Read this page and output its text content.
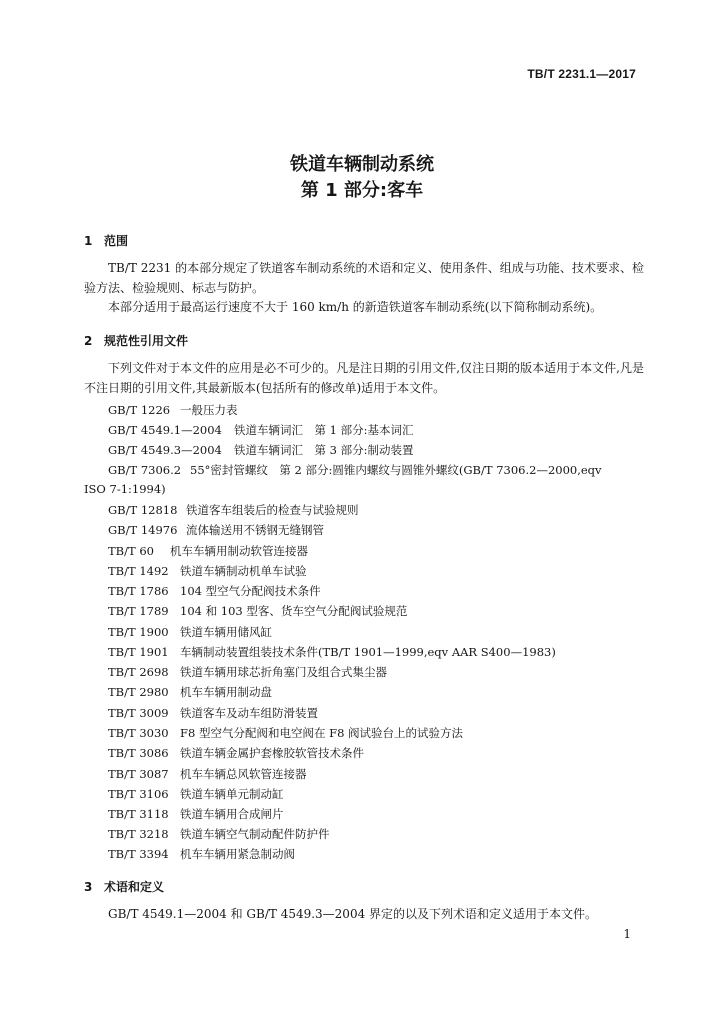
TB/T 2231.1—2017
铁道车辆制动系统
第 1 部分:客车
1 范围
TB/T 2231 的本部分规定了铁道客车制动系统的术语和定义、使用条件、组成与功能、技术要求、检验方法、检验规则、标志与防护。
本部分适用于最高运行速度不大于 160 km/h 的新造铁道客车制动系统(以下简称制动系统)。
2 规范性引用文件
下列文件对于本文件的应用是必不可少的。凡是注日期的引用文件,仅注日期的版本适用于本文件,凡是不注日期的引用文件,其最新版本(包括所有的修改单)适用于本文件。
GB/T 1226 一般压力表
GB/T 4549.1—2004 铁道车辆词汇　第 1 部分:基本词汇
GB/T 4549.3—2004 铁道车辆词汇　第 3 部分:制动装置
GB/T 7306.2 55°密封管螺纹　第 2 部分:圆锥内螺纹与圆锥外螺纹(GB/T 7306.2—2000,eqv
ISO 7-1:1994)
GB/T 12818 铁道客车组装后的检查与试验规则
GB/T 14976 流体输送用不锈钢无缝钢管
TB/T 60 机车车辆用制动软管连接器
TB/T 1492 铁道车辆制动机单车试验
TB/T 1786 104 型空气分配阀技术条件
TB/T 1789 104 和 103 型客、货车空气分配阀试验规范
TB/T 1900 铁道车辆用储风缸
TB/T 1901 车辆制动装置组装技术条件(TB/T 1901—1999,eqv AAR S400—1983)
TB/T 2698 铁道车辆用球芯折角塞门及组合式集尘器
TB/T 2980 机车车辆用制动盘
TB/T 3009 铁道客车及动车组防滑装置
TB/T 3030 F8 型空气分配阀和电空阀在 F8 阀试验台上的试验方法
TB/T 3086 铁道车辆金属护套橡胶软管技术条件
TB/T 3087 机车车辆总风软管连接器
TB/T 3106 铁道车辆单元制动缸
TB/T 3118 铁道车辆用合成闸片
TB/T 3218 铁道车辆空气制动配件防护件
TB/T 3394 机车车辆用紧急制动阀
3 术语和定义
GB/T 4549.1—2004 和 GB/T 4549.3—2004 界定的以及下列术语和定义适用于本文件。
1
